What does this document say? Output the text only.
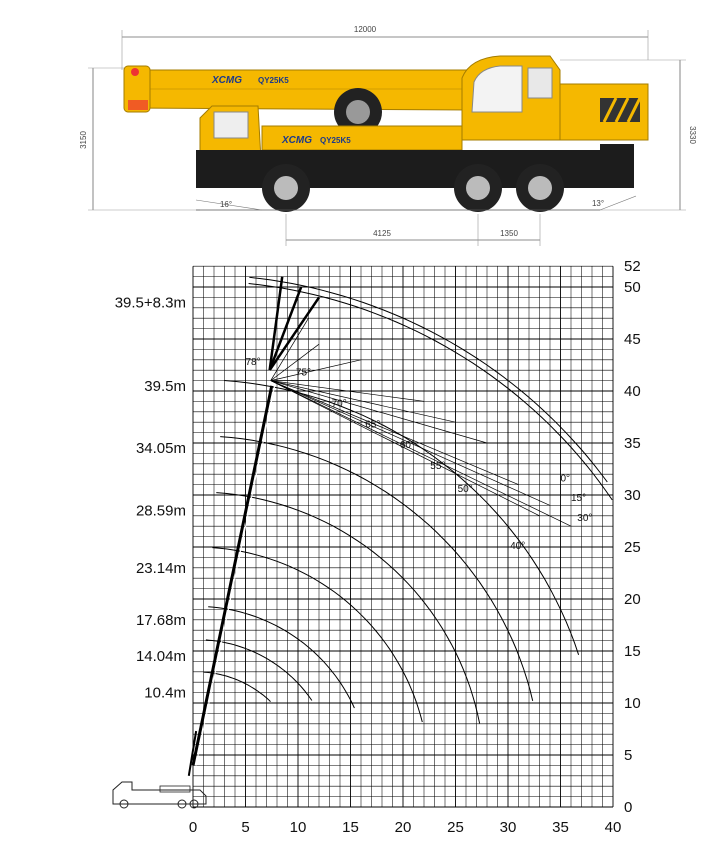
12000
3150	3330
XCMG QY25K5
XCMG QY25K5
16°	13°
4125	1350
0	5	10 15 20 25 30 35 40
0
5
10
15
20
25
30
35
40
45
50
52
39.5+8.3m
39.5m
34.05m
28.59m
23.14m
17.68m
14.04m
10.4m
78°
75°
70°
65°
60°
55°
50°
0°
15°
30°
40°
